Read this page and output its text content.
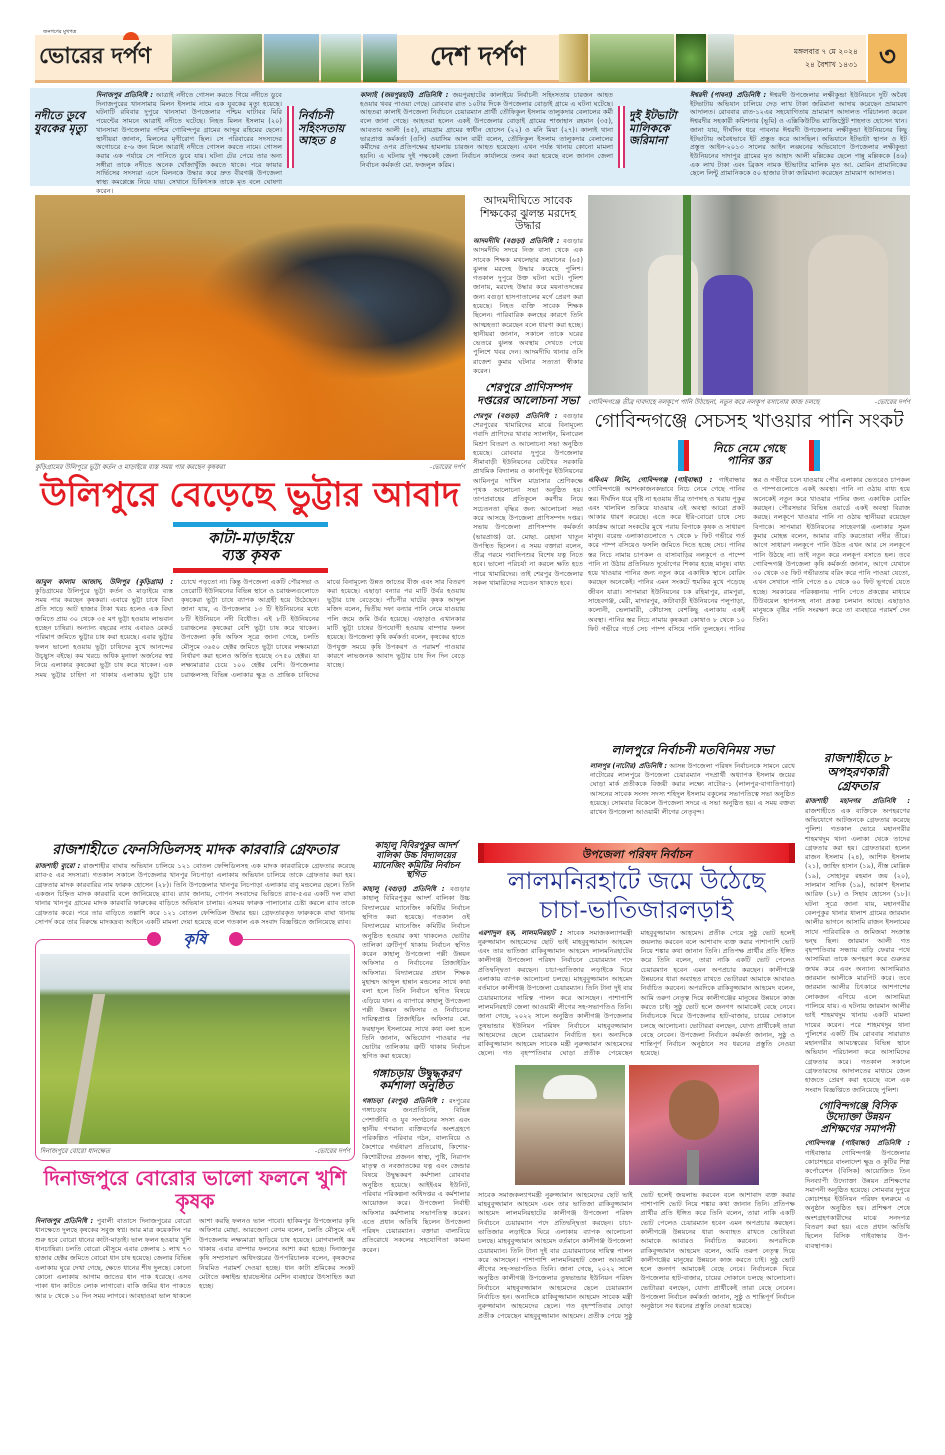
জনগণের মুখপত্র
ভোরের দর্পণ	দেশ দর্পণ	মঙ্গলবার ৭ মে ২০২৪
২৪ বৈশাখ ১৪৩১ ৩
নদীতে ডুবে যুবকের মৃত্যু
দিনাজপুর প্রতিনিধি : আত্রাই নদীতে গোসল করতে গিয়ে নদীতে ডুবে দিনাজপুরের খানসামায় মিলন ইসলাম নামে এক যুবকের মৃত্যু হয়েছে। ঘটনাটি রবিবার দুপুরে খানসামা উপজেলার পশ্চিম ঘাটাবর মিরি পয়েন্টের সামনে আত্রাই নদীতে ঘটেছে। নিহত মিলন ইসলাম (২০) খানসামা উপজেলার পশ্চিম গোবিন্দপুর গ্রামের আব্দুর রহিমের ছেলে। স্থানীয়রা জানান, মিলনের মৃগীরোগ ছিল। সে পরিবারের সদস্যদের অগোচরে ৫-৬ জন মিলে আত্রাই নদীতে গোসল করতে নামে। গোসল করার এক পর্যায়ে সে পানিতে ডুবে যায়। ঘটনা টের পেয়ে তার অন্য সঙ্গীরা তাকে নদীতে অনেক খোঁজাখুঁজি করতে থাকে। পরে ফায়ার সার্ভিসের সদস্যরা এসে মিলনকে উদ্ধার করে দ্রুত বীরগঞ্জ উপজেলা স্বাস্থ্য কমপ্লেক্সে নিয়ে যায়। সেখানে চিকিৎসক তাকে মৃত বলে ঘোষণা করেন।
নির্বাচনী সহিংসতায় আহত ৪
কালাই (জয়পুরহাট) প্রতিনিধি : জয়পুরহাটের কালাইয়ে নির্বাচনী সহিংসতায় চারজন আহত হওয়ার খবর পাওয়া গেছে। রোববার রাত ১০টার দিকে উপজেলার বোড়াই গ্রামে এ ঘটনা ঘটেছে। আহতরা কালাই উপজেলা নির্বাচনে চেয়ারম্যান প্রার্থী তৌফিকুল ইসলাম তালুকদার বেলালের কর্মী বলে জানা গেছে। আহতরা হলেন একই উপজেলার বোড়াই গ্রামের শাজাহান রহমান (৩৫), আবতাব আলী (৪৫), রায়গ্রাম গ্রামের স্বাধীন হোসেন (২২) ও মনি মিয়া (২৭)। কালাই থানা ভারপ্রাপ্ত কর্মকর্তা (ওসি) ওয়াসিম আল বারী বলেন, তৌফিকুল ইসলাম তালুকদার বেলালের কর্মীদের ওপর প্রতিপক্ষের হামলায় চারজন আহত হয়েছেন। এখন পর্যন্ত থানায় কোনো মামলা হয়নি। এ ঘটনায় দুই পক্ষকেই জেলা নির্বাচন কার্যালয়ে তলব করা হয়েছে বলে জানান জেলা নির্বাচন কর্মকর্তা মো. ফজলুল করিম।
দুই ইটভাটা মালিককে জরিমানা
ঈশ্বরদী (পাবনা) প্রতিনিধি : ঈশ্বরদী উপজেলার লক্ষীকুন্ডা ইউনিয়নে দুটি অবৈধ ইটভাটায় অভিযান চালিয়ে দেড় লাখ টাকা জরিমানা আদায় করেছেন ভ্রাম্যমাণ আদালত। রোববার রাত-১২এর সহযোগিতায় ভ্রাম্যমাণ আদালত পরিচালনা করেন ঈশ্বরদীর সহকারী কমিশনার (ভূমি) ও এক্সিকিউটিভ ম্যাজিস্ট্রেট শাহদাত হোসেন খান। জানা যায়, দীর্ঘদিন ধরে পাবনার ঈশ্বরদী উপজেলার লক্ষীকুন্ডা ইউনিয়নের কিছু ইটভাটায় অবৈধভাবে ইট প্রস্তুত করে আসছিল। অভিযানে ইটভাটা স্থাপন ও ইট প্রস্তুত আইন-২০১৩ সালের আইন লঙ্ঘনের অভিযোগে উপজেলার লক্ষীকুন্ডা ইউনিয়নের দাদাপুর গ্রামের মৃত আহাদ আলী মল্লিকের ছেলে পান্নু মল্লিককে (৪৬) এক লাখ টাকা এবং ব্রিকস নামক ইটভাটার মালিক মৃত আ. মোমিন প্রামানিকের ছেলে লিন্টু প্রামানিককে ৫০ হাজার টাকা জরিমানা করেছেন ভ্রাম্যমাণ আদালত।
কুড়িগ্রামের উলিপুরে ভুট্টা কর্তন ও মাড়াইয়ে ব্যস্ত সময় পার করছেন কৃষকরা	-ভোরের দর্পণ
উলিপুরে বেড়েছে ভুট্টার আবাদ
কাটা-মাড়াইয়ে
ব্যস্ত কৃষক
আবুল কালাম আজাদ, উলিপুর (কুড়িগ্রাম) : কুড়িগ্রামের উলিপুরে ভুট্টা কর্তন ও মাড়াইয়ে ব্যস্ত সময় পার করছেন কৃষকরা। এবারে ভুট্টা চাষে বিঘা প্রতি সাড়ে আট হাজার টাকা খরচ হলেও এক বিঘা জমিতে প্রায় ৩০ থেকে ৩৫ মণ ভুট্টা হওয়ায় লাভবান হচ্ছেন চাষিরা। অন্যান্য বছরের ন্যায় এবারও রেকর্ড পরিমাণ জমিতে ভুট্টার চাষ করা হয়েছে। এবার ভুট্টার ফলন ভালো হওয়ায় ভুট্টা চাষিদের মুখে আনন্দের উচ্ছ্বাস বইছে। কম খরচে অধিক মুনাফা অর্জনের স্বপ্ন নিয়ে এলাকার কৃষকেরা ভুট্টা চাষ করে থাকেন। এক সময় ভুট্টার চাহিদা না থাকায় এলাকায় ভুট্টা চাষ চোখে পড়তো না। কিন্তু উপজেলা একটি পৌরসভা ও তেরোটি ইউনিয়নের বিভিন্ন স্থানে ও চরাঞ্চলগুলোতে কৃষকেরা ভুট্টা চাষে ব্যাপক আগ্রহী হয়ে উঠেছেন। জানা যায়, এ উপজেলার ১৩ টি ইউনিয়নের মধ্যে ৮টি ইউনিয়নে নদী বিধৌত। এই ৮টি ইউনিয়নের চরাঞ্চলের কৃষকেরা বেশি ভুট্টা চাষ করে থাকেন। উপজেলা কৃষি অফিস সূত্রে জানা গেছে, চলতি মৌসুমে ৩৬৫০ হেক্টর জমিতে ভুট্টা চাষের লক্ষ্যমাত্রা নির্ধারণ করা হলেও অর্জিত হয়েছে ৩৭৫০ হেক্টর। যা লক্ষ্যমাত্রার চেয়ে ১০০ হেক্টর বেশি। উপজেলার চরাঞ্চলসহ বিভিন্ন এলাকার ক্ষুদ্র ও প্রান্তিক চাষিদের মাঝে বিনামূল্যে উন্নত জাতের বীজ এবং সার বিতরণ করা হয়েছে। এছাড়া বন্যার পর মাটি উর্বর হওয়ায় ভুট্টার চাষ বেড়েছে। পাঁচপীর ঘাটের কৃষক আব্দুল মজিদ বলেন, দ্বিতীয় দফা বন্যার পানি নেমে যাওয়ায় পলি জমে জমি উর্বর হয়েছে। এছাড়াও এখানকার মাটি ভুট্টা চাষের উপযোগী হওয়ায় বাম্পার ফলন হয়েছে। উপজেলা কৃষি কর্মকর্তা বলেন, কৃষকের হাতে উপযুক্ত সময়ে কৃষি উপকরণ ও পরামর্শ পাওয়ার কারণে লাভজনক আবাদ ভুট্টার চাষ দিন দিন বেড়ে যাচ্ছে।
আদমদীঘিতে সাবেক শিক্ষকের ঝুলন্ত মরদেহ উদ্ধার
আদমদীঘি (বগুড়া) প্রতিনিধি : বগুড়ার আদমদীঘি সদরে নিজ বাসা থেকে এক সাবেক শিক্ষক মখলেছার রহমানের (৬৫) ঝুলন্ত মরদেহ উদ্ধার করেছে পুলিশ। গতকাল দুপুরে উক্ত ঘটনা ঘটে। পুলিশ জানায়, মরদেহ উদ্ধার করে ময়নাতদন্তের জন্য বগুড়া হাসপাতালের মর্গে প্রেরণ করা হয়েছে। নিহত ব্যক্তি সাবেক শিক্ষক ছিলেন। পারিবারিক কলহের কারণে তিনি আত্মহত্যা করেছেন বলে ধারণা করা হচ্ছে। স্থানীয়রা জানান, সকালে তাকে ঘরের ভেতরে ঝুলন্ত অবস্থায় দেখতে পেয়ে পুলিশে খবর দেন। আদমদীঘি থানার ওসি রাজেশ কুমার ঘটনার সত্যতা স্বীকার করেন।
শেরপুরে প্রাণিসম্পদ দপ্তরের আলোচনা সভা
শেরপুর (বগুড়া) প্রতিনিধি : বগুড়ার শেরপুরের খামারিদের মাঝে বিনামূল্যে গবাদি প্রাণিদের খাবার স্যালাইন, মিনারেল মিশ্রণ বিতরণ ও আলোচনা সভা অনুষ্ঠিত হয়েছে। রোববার দুপুরে উপজেলার সীমাবাড়ী ইউনিয়নের বেটখৈর সরকারি প্রাথমিক বিদ্যালয় ও কানাইপুর ইউনিয়নের আমিনপুর দাখিল মাদ্রাসার শ্রেণিকক্ষে পৃথক আলোচনা সভা অনুষ্ঠিত হয়। তাপপ্রবাহের প্রতিকূলে করণীয় নিয়ে সচেতনতা বৃদ্ধির জন্য আলোচনা সভা করে আসছে উপজেলা প্রাণিসম্পদ দপ্তর। সভায় উপজেলা প্রাণিসম্পদ কর্মকর্তা (ভারপ্রাপ্ত) ডা. মোছা. রেহানা খাতুন উপস্থিত ছিলেন। এ সময় বক্তারা বলেন, তীব্র গরমে গবাদিপশুর বিশেষ যত্ন নিতে হবে। ভালো পরিচর্যা না করলে ক্ষতি হতে পারে খামারিদের। তাই শেরপুর উপজেলার সকল খামারিদের সচেতন থাকতে হবে।
গোবিন্দগঞ্জে তীব্র দাবদাহে নলকূপে পানি উঠছেনা, নতুন করে নলকূপ বসানোর কাজ চলছে	-ভোরের দর্পণ
গোবিন্দগঞ্জে সেচসহ খাওয়ার পানি সংকট
নিচে নেমে গেছে
পানির স্তর
এবিএম লিটন, গোবিন্দগঞ্জ (গাইবান্ধা) : গাইবান্ধার গোবিন্দগঞ্জে আশংকাজনকভাবে নিচে নেমে গেছে পানির স্তর। দীর্ঘদিন ধরে বৃষ্টি না হওয়ায় তীব্র তাপদাহ ও খরায় পুকুর এবং খালবিল শুকিয়ে যাওয়ায় এই অবস্থা আরো প্রকট আকার ধারণ করেছে। এতে করে ইরি-বোরো চাষে সেচ কার্যক্রম আরো সংকটের মুখে পরায় বিপাকে কৃষক ও সাধারণ মানুষ। বরেন্দ্র এলাকাগুলোতে ৭ থেকে ৮ ফিট গভীরে গর্ত করে পাম্প বসিয়েও ফসলি জমিতে দিতে হচ্ছে সেচ। পানির স্তর নিচে নামায় চাপকল ও বাসাবাড়ির নলকূপে ও পাম্পে পানি না উঠায় প্রতিনিয়ত দুর্ভোগের শিকার হচ্ছে মানুষ। বাধ্য হয়ে খাওয়ার পানির জন্য নতুন করে একাধিক স্থানে বোরিং করছেন অনেকেই। পানির এমন সংকটে হুমকির মুখে পড়েছে জীবন যাত্রা। সাপমারা ইউনিয়নের চক রহিমাপুর, রামপুরা, সাহেবগঞ্জ, মেরী, মাদারপুর, কাটাবাড়ী ইউনিয়নের পলুপাড়া, কলোনী, ভেলামারী, কৌচাসহ বেশকিছু এলাকায় একই অবস্থা। পানির স্তর নিচে নামায় কৃষকরা কোথাও ৮ থেকে ১০ ফিট গভীরে গর্তে সেচ পাম্প বসিয়ে পানি তুলছেন। পানির স্তর ও গভীরে চলে যাওয়ায় পৌর এলাকার ভেতরেও চাপকল ও পাম্পগুলোতে একই অবস্থা। পানি না ওঠায় বাধ্য হয়ে অনেকেই নতুন করে খাওয়ার পানির জন্য একাধিক বোরিং করছেন। পৌরসভার বিভিন্ন ওয়ার্ডে একই অবস্থা বিরাজ করছে। নলকূপে খাওয়ার পানি না ওঠায় স্থানীয়রা রয়েছেন বিপাকে। সাপমারা ইউনিয়নের সাহেবগঞ্জ এলাকার সুমন কুমার মোহন্ত বলেন, আমার বাড়ি করতোয়া নদীর তীরে। আগে সাধারণ নলকূপে পানি উঠত এখন আর সে নলকূপে পানি উঠছে না। তাই নতুন করে নলকূপ বসাতে হল। তবে গোবিন্দগঞ্জ উপজেলা কৃষি কর্মকর্তা জানান, আগে যেখানে ৩০ থেকে ৩৫ ফিট গভীরতায় বরিং করে পানি পাওয়া যেতো, এখন সেখানে পানি পেতে ৪০ থেকে ৬০ ফিট ভূগর্ভে যেতে হচ্ছে। সরকারের পরিকল্পনায় পানি পেতে প্রকল্পের মাধ্যমে টিউবয়েল স্থাপনসহ নানা প্রকল্প চলমান আছে। এছাড়াও মানুষকে বৃষ্টির পানি সংরক্ষণ করে তা ব্যবহারে পরামর্শ দেন তিনি।
লালপুরে নির্বাচনী মতবিনিময় সভা
লালপুর (নাটোর) প্রতিনিধি : আসন্ন উপজেলা পরিষদ নির্বাচনকে সামনে রেখে নাটোরের লালপুরে উপজেলা চেয়ারম্যান পদপ্রার্থী অধ্যাপক ইসলাম জয়ের ঘোড়া মার্ক প্রতীককে বিজয়ী করার লক্ষ্যে নাটোর-১ (লালপুর-বাগাতিপাড়া) আসনের সাবেক সংসদ সদস্য শহিদুল ইসলাম বকুলের সভাপতিত্বে সভা অনুষ্ঠিত হয়েছে। সোমবার বিকেলে উপজেলা সদরে এ সভা অনুষ্ঠিত হয়। এ সময় বক্তব্য রাখেন উপজেলা আওয়ামী লীগের নেতৃবৃন্দ।
রাজশাহীতে ৮ অপহরণকারী গ্রেফতার
রাজশাহী মহানগর প্রতিনিধি : রাজশাহীতে এক ব্যক্তিকে অপহরণের অভিযোগে আটজনকে গ্রেফতার করেছে পুলিশ। গতকাল ভোরে মহানগরীর শাহমখদুম থানা এলাকা থেকে তাদের গ্রেফতার করা হয়। গ্রেফতাররা হলেন রাজন ইসলাম (২৪), আশিক ইসলাম (২১), জাহিদ হাসান (১৯), নীস্ত মোল্লিক (১৯), সোহানুর রহমান জয় (২০), সালমান সাদিক (১৯), আকাশ ইসলাম আরিফ (১৮) ও সিহাব হোসেন (১৮)। ঘটনা সূত্রে জানা যায়, মহানগরীর বেলপুকুর থানার ধালাশ গ্রামের জারমান আলীর ভাগনে আসামি রাজন ইসলামের সাথে পারিবারিক ও জমিজমা সংক্রান্ত দ্বন্দ্ব ছিল। জারমান আলী গত বৃহস্পতিবার সন্ধ্যায় বাড়ি ফেরার পথে আসামিরা তাকে অপহরণ করে গুরুতর জখম করে এবং অন্যান্য আসামিরাও জারমান আলীকে মারপিট করে। তবে জারমান আলীর চিৎকারে আশপাশের লোকজন এগিয়ে এলে আসামিরা পালিয়ে যায়। এ ঘটনায় জারমান আলীর ভাই শাহমখদুম থানায় একটি মামলা দায়ের করেন। পরে শাহমখদুম থানা পুলিশের একটি টিম রোববার সারারাত মহানগরীর আমচত্বরের বিভিন্ন স্থানে অভিযান পরিচালনা করে আসামিদের গ্রেফতার করে। গতকাল সকালে গ্রেফতারদের আদালতের মাধ্যমে জেল হাজতে প্রেরণ করা হয়েছে বলে এক সংবাদ বিজ্ঞপ্তিতে জানিয়েছে পুলিশ।
গোবিন্দগঞ্জে বিসিক উদ্যোক্তা উন্নয়ন প্রশিক্ষণের সমাপনী
গোবিন্দগঞ্জ (গাইবান্ধা) প্রতিনিধি : গাইবান্ধার গোবিন্দগঞ্জ উপজেলার কোচাশহরে বাংলাদেশ ক্ষুদ্র ও কুটির শিল্প কর্পোরেশন (বিসিক) আয়োজিত তিন দিনব্যাপী উদ্যোক্তা উন্নয়ন প্রশিক্ষণের সমাপনী অনুষ্ঠিত হয়েছে। সোমবার দুপুরে কোচাশহর ইউনিয়ন পরিষদ হলরুমে এ অনুষ্ঠান অনুষ্ঠিত হয়। প্রশিক্ষণ শেষে অংশগ্রহণকারীদের মাঝে সনদপত্র বিতরণ করা হয়। এতে প্রধান অতিথি ছিলেন বিসিক গাইবান্ধার উপ-ব্যবস্থাপক।
রাজশাহীতে ফেনসিডিলসহ মাদক কারবারি গ্রেফতার
রাজশাহী ব্যুরো : রাজশাহীর বাঘায় অভিযান চালিয়ে ১২১ বোতল ফেন্সিডিলসহ এক মাদক কারবারিকে গ্রেফতার করেছে র‌্যাব-৫ এর সদস্যরা। গতকাল সকালে উপজেলার খানপুর নিচপাড়া এলাকায় অভিযান চালিয়ে তাকে গ্রেফতার করা হয়। গ্রেফতার মাদক কারবারির নাম ফারুক হোসেন (২৮)। তিনি উপজেলার খানপুর নিচপাড়া এলাকার বাবু মন্ডলের ছেলে। তিনি একজন চিহ্নিত মাদক কারবারি বলে জানিয়েছে র‌্যাব। র‌্যাব জানায়, গোপন সংবাদের ভিত্তিতে র‌্যাব-৫এর একটি দল বাঘা থানার খানপুর গ্রামের মাদক কারবারি ফারুকের বাড়িতে অভিযান চালায়। এসময় ফারুক পালানোর চেষ্টা করলে র‌্যাব তাকে গ্রেফতার করে। পরে তার বাড়িতে তল্লাশি করে ১২১ বোতল ফেন্সিডিল উদ্ধার হয়। গ্রেফতারকৃত ফারুককে বাঘা থানায় সোপর্দ করে তার বিরুদ্ধে মাদকদ্রব্য আইনে একটি মামলা দেয়া হয়েছে বলে গতকাল এক সংবাদ বিজ্ঞপ্তিতে জানিয়েছে র‌্যাব।
কৃষি
দিনাজপুরে বোরো ধানক্ষেত	-ভোরের দর্পণ
দিনাজপুরে বোরোর ভালো ফলনে খুশি কৃষক
দিনাজপুর প্রতিনিধি : পুবালী বাতাসে দিনাজপুরের বোরো ধানক্ষেতে দুলছে কৃষকের সবুজ স্বপ্ন। আর মাত্র কয়েকদিন পর শুরু হবে বোরো ধানের কাটা-মাড়াই। ভাল ফলন হওয়ায় খুশি ধানচাষিরা। চলতি বোরো মৌসুমে এবার জেলায় ১ লাখ ৭৩ হাজার হেক্টর জমিতে বোরো ধান চাষ হয়েছে। জেলার বিভিন্ন এলাকায় ঘুরে দেখা গেছে, ক্ষেতে ধানের শীষ দুলছে। কোনো কোনো এলাকায় আগাম জাতের ধান পাক ধরেছে। এসব পাকা ধান কাটতে লোক লাগাবো। বাকি জমির ধান পাকতে আর ৮ থেকে ১০ দিন সময় লাগবে। আবহাওয়া ভাল থাকলে আশা করছি ফলনও ভাল পাবো। হাকিমপুর উপজেলার কৃষি অফিসার মোছা. আরজেনা বেগম বলেন, চলতি মৌসুমে এই উপজেলায় লক্ষ্যমাত্রা ছাড়িয়ে চাষ হয়েছে। রোগবালাই কম থাকায় এবার বাম্পার ফলনের আশা করা হচ্ছে। দিনাজপুর কৃষি সম্প্রসারণ অধিদপ্তরের উপপরিচালক বলেন, কৃষকদের নিয়মিত পরামর্শ দেওয়া হচ্ছে। ধান কাটা শ্রমিকের সংকট মেটাতে কম্বাইন্ড হারভেস্টার মেশিন ব্যবহারে উৎসাহিত করা হচ্ছে।
কাহালু বিবিরপুকুর আদর্শ বালিকা উচ্চ বিদ্যালয়ের ম্যানেজিং কমিটির নির্বাচন স্থগিত
কাহালু (বগুড়া) প্রতিনিধি : বগুড়ার কাহালু বিবিরপুকুর আদর্শ বালিকা উচ্চ বিদ্যালয়ের ম্যানেজিং কমিটির নির্বাচন স্থগিত করা হয়েছে। গতকাল ওই বিদ্যালয়ের ম্যানেজিং কমিটির নির্বাচন অনুষ্ঠিত হওয়ার কথা থাকলেও ভোটার তালিকা ত্রুটিপূর্ণ থাকায় নির্বাচন স্থগিত করেন কাহালু উপজেলা পল্লী উন্নয়ন অফিসার ও নির্বাচনের প্রিজাইডিং অফিসার। বিদ্যালয়ের প্রধান শিক্ষক মুহাম্মদ আব্দুল হান্নান মন্ডলের সাথে কথা বলা হলে তিনি নির্বাচন স্থগিত বিষয়ে এড়িয়ে যান। এ ব্যাপারে কাহালু উপজেলা পল্লী উন্নয়ন অফিসার ও নির্বাচনের দায়িত্বপ্রাপ্ত প্রিজাইডিং অফিসার মো. ফরহাদুল ইসলামের সাথে কথা বলা হলে তিনি জানান, অভিযোগ পাওয়ার পর ভোটার তালিকায় ত্রুটি থাকায় নির্বাচন স্থগিত করা হয়েছে।
গঙ্গাচড়ায় উদ্বুদ্ধকরণ কর্মশালা অনুষ্ঠিত
গঙ্গাচড়া (রংপুর) প্রতিনিধি : রংপুরের গঙ্গাচড়ায় জনপ্রতিনিধি, বিভিন্ন পেশাজীবি ও যুব সংগঠনের সদস্য এবং স্থানীয় গণমান্য ব্যক্তিবর্গের অংশগ্রহণে পরিকল্পিত পরিবার গঠন, বাল্যবিয়ে ও কৈশোরে গর্ভধারণ প্রতিরোধ, কিশোর-কিশোরীদের প্রজনন স্বাস্থ্য, পুষ্টি, নিরাপদ মাতৃত্ব ও নবজাতকের যত্ন এবং জেন্ডার বিষয়ে উদ্বুদ্ধকরণ কর্মশালা রোববার অনুষ্ঠিত হয়েছে। আইইএম ইউনিট, পরিবার পরিকল্পনা অধিদপ্তর এ কর্মশালার আয়োজন করে। উপজেলা নির্বাহী অফিসার কর্মশালায় সভাপতিত্ব করেন। এতে প্রধান অতিথি ছিলেন উপজেলা পরিষদ চেয়ারম্যান। বক্তারা বাল্যবিয়ে প্রতিরোধে সকলের সহযোগিতা কামনা করেন।
উপজেলা পরিষদ নির্বাচন
লালমনিরহাটে জমে উঠেছে
চাচা-ভাতিজারলড়াই
এরশাদুল হক, লালমনিরহাট : সাবেক সমাজকল্যাণমন্ত্রী নুরুজ্জামান আহমেদের ছোট ভাই মাহবুবুজ্জামান আহমেদ এবং তার ভাতিজা রাকিবুজ্জামান আহমেদ লালমনিরহাটের কালীগঞ্জ উপজেলা পরিষদ নির্বাচনে চেয়ারম্যান পদে প্রতিদ্বন্দ্বিতা করছেন। চাচা-ভাতিজার লড়াইকে ঘিরে এলাকায় ব্যাপক আলোচনা চলছে। মাহবুবুজ্জামান আহমেদ বর্তমানে কালীগঞ্জ উপজেলা চেয়ারম্যান। তিনি টানা দুই বার চেয়ারম্যানের দায়িত্ব পালন করে আসছেন। পাশাপাশি লালমনিরহাট জেলা আওয়ামী লীগের সহ-সভাপতিও তিনি। জানা গেছে, ২০২২ সালে অনুষ্ঠিত কালীগঞ্জ উপজেলার তুষভান্ডার ইউনিয়ন পরিষদ নির্বাচনে মাহবুবজ্জামান আহমেদের ছেলে চেয়ারম্যান নির্বাচিত হন। অন্যদিকে রাকিবুজ্জামান আহমেদ সাবেক মন্ত্রী নুরুজ্জামান আহমেদের ছেলে। গত বৃহস্পতিবার ঘোড়া প্রতীক পেয়েছেন মাহবুবুজ্জামান আহমেদ। প্রতীক পেয়ে সুষ্ঠু ভোট হলেই জয়লাভ করবেন বলে আশাবাদ ব্যক্ত করার পাশাপাশি ভোট নিয়ে শঙ্কার কথা জানান তিনি। প্রতিপক্ষ প্রার্থীর প্রতি ইঙ্গিত করে তিনি বলেন, তারা নাকি একটি ভোট পেলেও চেয়ারম্যান হবেন এমন অপপ্রচার করছেন। কালীগঞ্জে উন্নয়নের ধারা অব্যাহত রাখতে ভোটাররা আমাকে আবারও নির্বাচিত করবেন। অপরদিকে রাকিবুজ্জামান আহমেদ বলেন, আমি তরুণ নেতৃত্ব দিয়ে কালীগঞ্জের মানুষের উন্নয়নে কাজ করতে চাই। সুষ্ঠু ভোট হলে জনগণ আমাকেই বেছে নেবে। নির্বাচনকে ঘিরে উপজেলার হাট-বাজার, চায়ের দোকানে চলছে আলোচনা। ভোটাররা বলছেন, যোগ্য প্রার্থীকেই তারা বেছে নেবেন। উপজেলা নির্বাচন কর্মকর্তা জানান, সুষ্ঠু ও শান্তিপূর্ণ নির্বাচন অনুষ্ঠানে সব ধরনের প্রস্তুতি নেওয়া হয়েছে।
সাবেক সমাজকল্যাণমন্ত্রী নুরুজ্জামান আহমেদের ছোট ভাই মাহবুবুজ্জামান আহমেদ এবং তার ভাতিজা রাকিবুজ্জামান আহমেদ লালমনিরহাটের কালীগঞ্জ উপজেলা পরিষদ নির্বাচনে চেয়ারম্যান পদে প্রতিদ্বন্দ্বিতা করছেন। চাচা-ভাতিজার লড়াইকে ঘিরে এলাকায় ব্যাপক আলোচনা চলছে। মাহবুবুজ্জামান আহমেদ বর্তমানে কালীগঞ্জ উপজেলা চেয়ারম্যান। তিনি টানা দুই বার চেয়ারম্যানের দায়িত্ব পালন করে আসছেন। পাশাপাশি লালমনিরহাট জেলা আওয়ামী লীগের সহ-সভাপতিও তিনি। জানা গেছে, ২০২২ সালে অনুষ্ঠিত কালীগঞ্জ উপজেলার তুষভান্ডার ইউনিয়ন পরিষদ নির্বাচনে মাহবুবজ্জামান আহমেদের ছেলে চেয়ারম্যান নির্বাচিত হন। অন্যদিকে রাকিবুজ্জামান আহমেদ সাবেক মন্ত্রী নুরুজ্জামান আহমেদের ছেলে। গত বৃহস্পতিবার ঘোড়া প্রতীক পেয়েছেন মাহবুবুজ্জামান আহমেদ। প্রতীক পেয়ে সুষ্ঠু ভোট হলেই জয়লাভ করবেন বলে আশাবাদ ব্যক্ত করার পাশাপাশি ভোট নিয়ে শঙ্কার কথা জানান তিনি। প্রতিপক্ষ প্রার্থীর প্রতি ইঙ্গিত করে তিনি বলেন, তারা নাকি একটি ভোট পেলেও চেয়ারম্যান হবেন এমন অপপ্রচার করছেন। কালীগঞ্জে উন্নয়নের ধারা অব্যাহত রাখতে ভোটাররা আমাকে আবারও নির্বাচিত করবেন। অপরদিকে রাকিবুজ্জামান আহমেদ বলেন, আমি তরুণ নেতৃত্ব দিয়ে কালীগঞ্জের মানুষের উন্নয়নে কাজ করতে চাই। সুষ্ঠু ভোট হলে জনগণ আমাকেই বেছে নেবে। নির্বাচনকে ঘিরে উপজেলার হাট-বাজার, চায়ের দোকানে চলছে আলোচনা। ভোটাররা বলছেন, যোগ্য প্রার্থীকেই তারা বেছে নেবেন। উপজেলা নির্বাচন কর্মকর্তা জানান, সুষ্ঠু ও শান্তিপূর্ণ নির্বাচন অনুষ্ঠানে সব ধরনের প্রস্তুতি নেওয়া হয়েছে।
